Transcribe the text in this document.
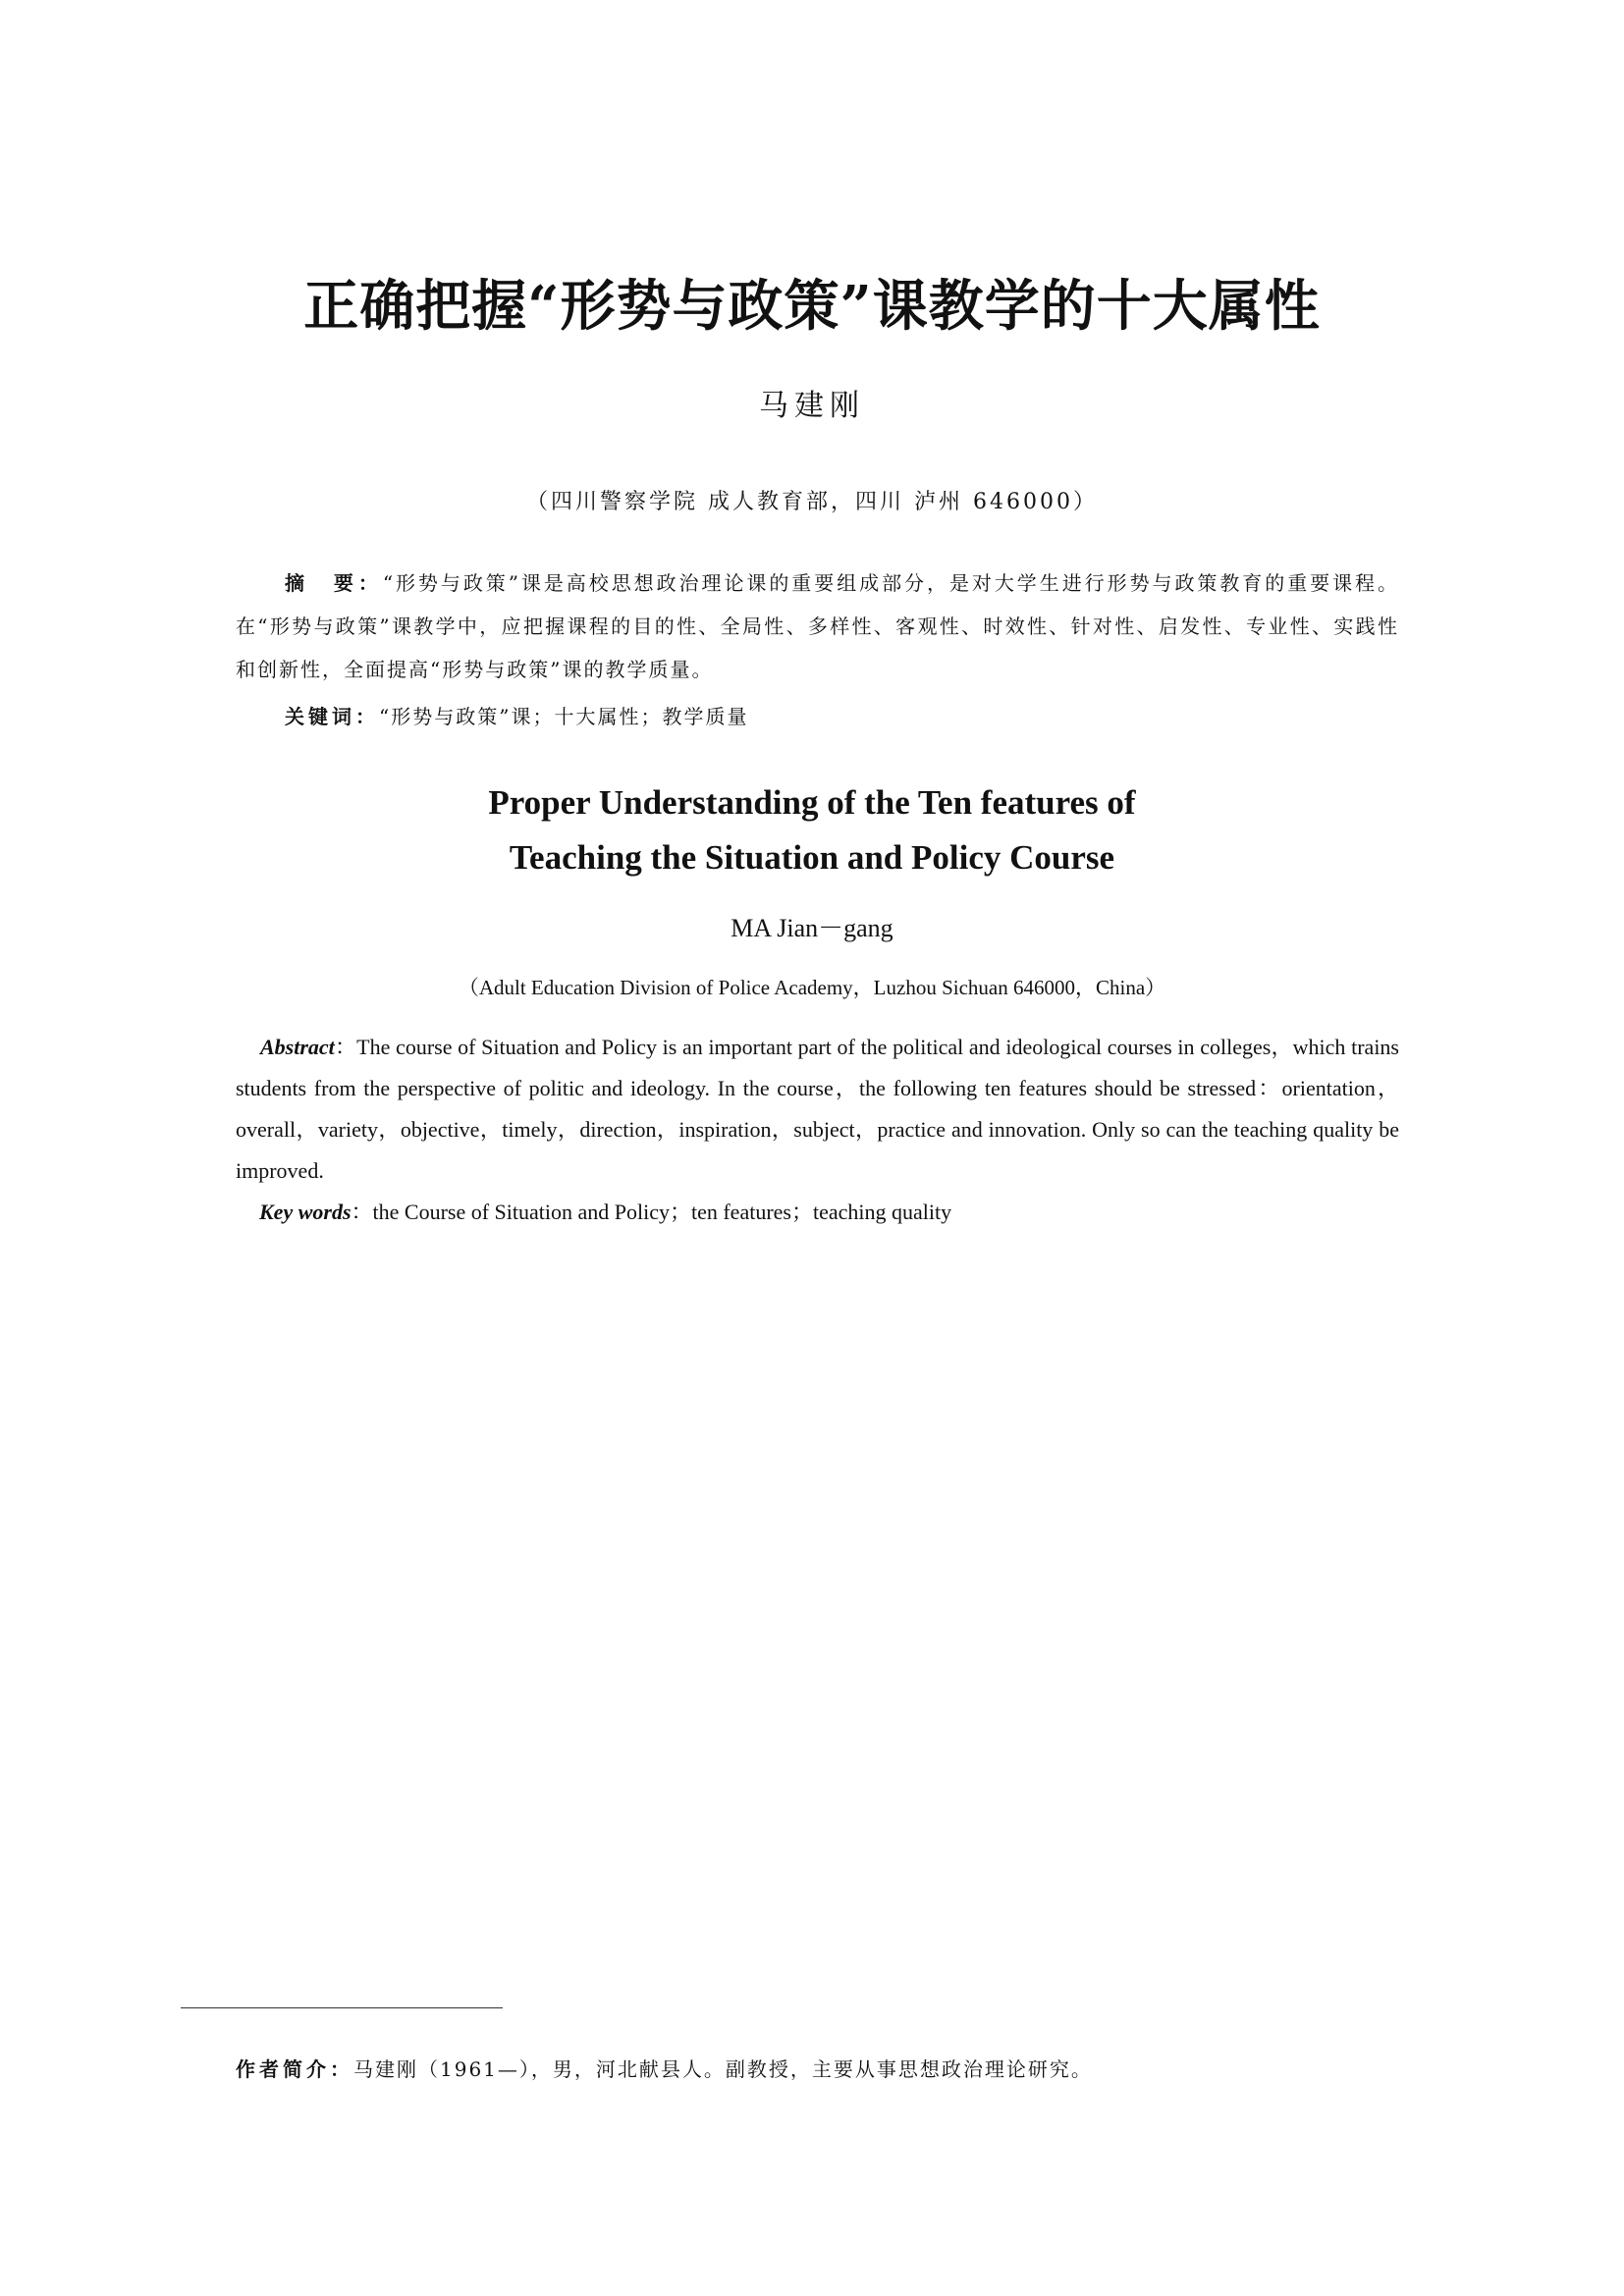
正确把握“形势与政策”课教学的十大属性
马建刚
（四川警察学院 成人教育部，四川 泸州 646000）
摘　要：“形势与政策”课是高校思想政治理论课的重要组成部分，是对大学生进行形势与政策教育的重要课程。在“形势与政策”课教学中，应把握课程的目的性、全局性、多样性、客观性、时效性、针对性、启发性、专业性、实践性和创新性，全面提高“形势与政策”课的教学质量。
关键词：“形势与政策”课；十大属性；教学质量
Proper Understanding of the Ten features of
Teaching the Situation and Policy Course
MA Jian－gang
（Adult Education Division of Police Academy，Luzhou Sichuan 646000，China）
Abstract：The course of Situation and Policy is an important part of the political and ideological courses in colleges，which trains students from the perspective of politic and ideology. In the course，the following ten features should be stressed：orientation，overall，variety，objective，timely，direction，inspiration，subject，practice and innovation. Only so can the teaching quality be improved.
Key words：the Course of Situation and Policy；ten features；teaching quality
作者简介：马建刚（1961—），男，河北献县人。副教授，主要从事思想政治理论研究。
